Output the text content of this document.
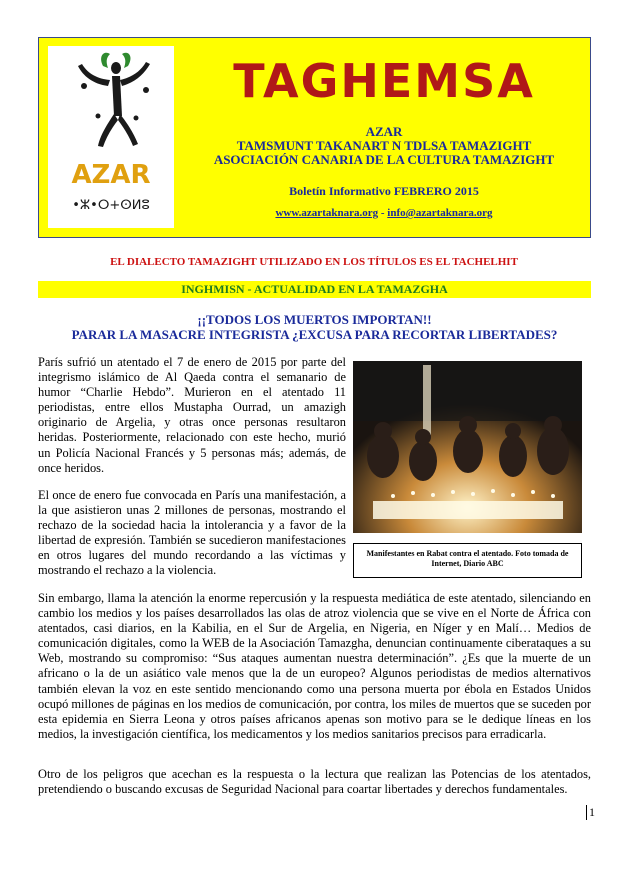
AZAR
•ⵣ•ⵔ+ⵙⵍⵓ
TAGHEMSA
AZAR
TAMSMUNT TAKANART N TDLSA TAMAZIGHT
ASOCIACIÓN CANARIA DE LA CULTURA TAMAZIGHT
Boletín Informativo FEBRERO 2015
www.azartaknara.org - info@azartaknara.org
EL DIALECTO TAMAZIGHT UTILIZADO EN LOS TÍTULOS ES EL TACHELHIT
INGHMISN - ACTUALIDAD EN LA TAMAZGHA
¡¡TODOS LOS MUERTOS IMPORTAN!!
PARAR LA MASACRE INTEGRISTA ¿EXCUSA PARA RECORTAR LIBERTADES?
París sufrió un atentado el 7 de enero de 2015 por parte del integrismo islámico de Al Qaeda contra el semanario de humor “Charlie Hebdo”. Murieron en el atentado 11 periodistas, entre ellos Mustapha Ourrad, un amazigh originario de Argelia, y otras once personas resultaron heridas. Posteriormente, relacionado con este hecho, murió un Policía Nacional Francés y 5 personas más; además, de once heridos.
El once de enero fue convocada en París una manifestación, a la que asistieron unas 2 millones de personas, mostrando el rechazo de la sociedad hacia la intolerancia y a favor de la libertad de expresión. También se sucedieron manifestaciones en otros lugares del mundo recordando a las víctimas y mostrando el rechazo a la violencia.
Manifestantes en Rabat contra el atentado. Foto tomada de Internet, Diario ABC
Sin embargo, llama la atención la enorme repercusión y la respuesta mediática de este atentado, silenciando en cambio los medios y los países desarrollados las olas de atroz violencia que se vive en el Norte de África con atentados, casi diarios, en la Kabilia, en el Sur de Argelia, en Nigeria, en Níger y en Malí… Medios de comunicación digitales, como la WEB de la Asociación Tamazgha, denuncian continuamente ciberataques a su Web, mostrando su compromiso: “Sus ataques aumentan nuestra determinación”. ¿Es que la muerte de un africano o la de un asiático vale menos que la de un europeo? Algunos periodistas de medios alternativos también elevan la voz en este sentido mencionando como una persona muerta por ébola en Estados Unidos ocupó millones de páginas en los medios de comunicación, por contra, los miles de muertos que se suceden por esta epidemia en Sierra Leona y otros países africanos apenas son motivo para se le dedique líneas en los medios, la investigación científica, los medicamentos y los medios sanitarios precisos para erradicarla.
Otro de los peligros que acechan es la respuesta o la lectura que realizan las Potencias de los atentados, pretendiendo o buscando excusas de Seguridad Nacional para coartar libertades y derechos fundamentales.
1
